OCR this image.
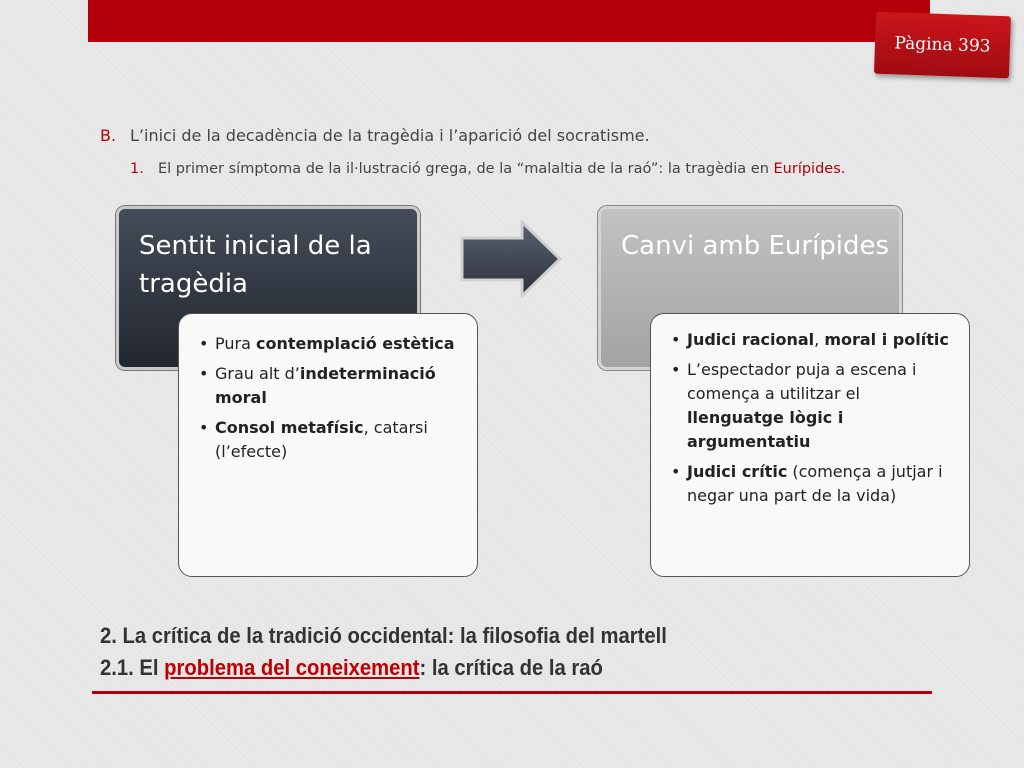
Pàgina 393
B. L’inici de la decadència de la tragèdia i l’aparició del socratisme.
1. El primer símptoma de la il·lustració grega, de la “malaltia de la raó”: la tragèdia en Eurípides.
Sentit inicial de la tragèdia
Canvi amb Eurípides
• Pura contemplació estètica
• Grau alt d’indeterminació moral
• Consol metafísic, catarsi (l’efecte)
• Judici racional, moral i polític
• L’espectador puja a escena i comença a utilitzar el llenguatge lògic i argumentatiu
• Judici crític (comença a jutjar i negar una part de la vida)
2. La crítica de la tradició occidental: la filosofia del martell
2.1. El problema del coneixement: la crítica de la raó
